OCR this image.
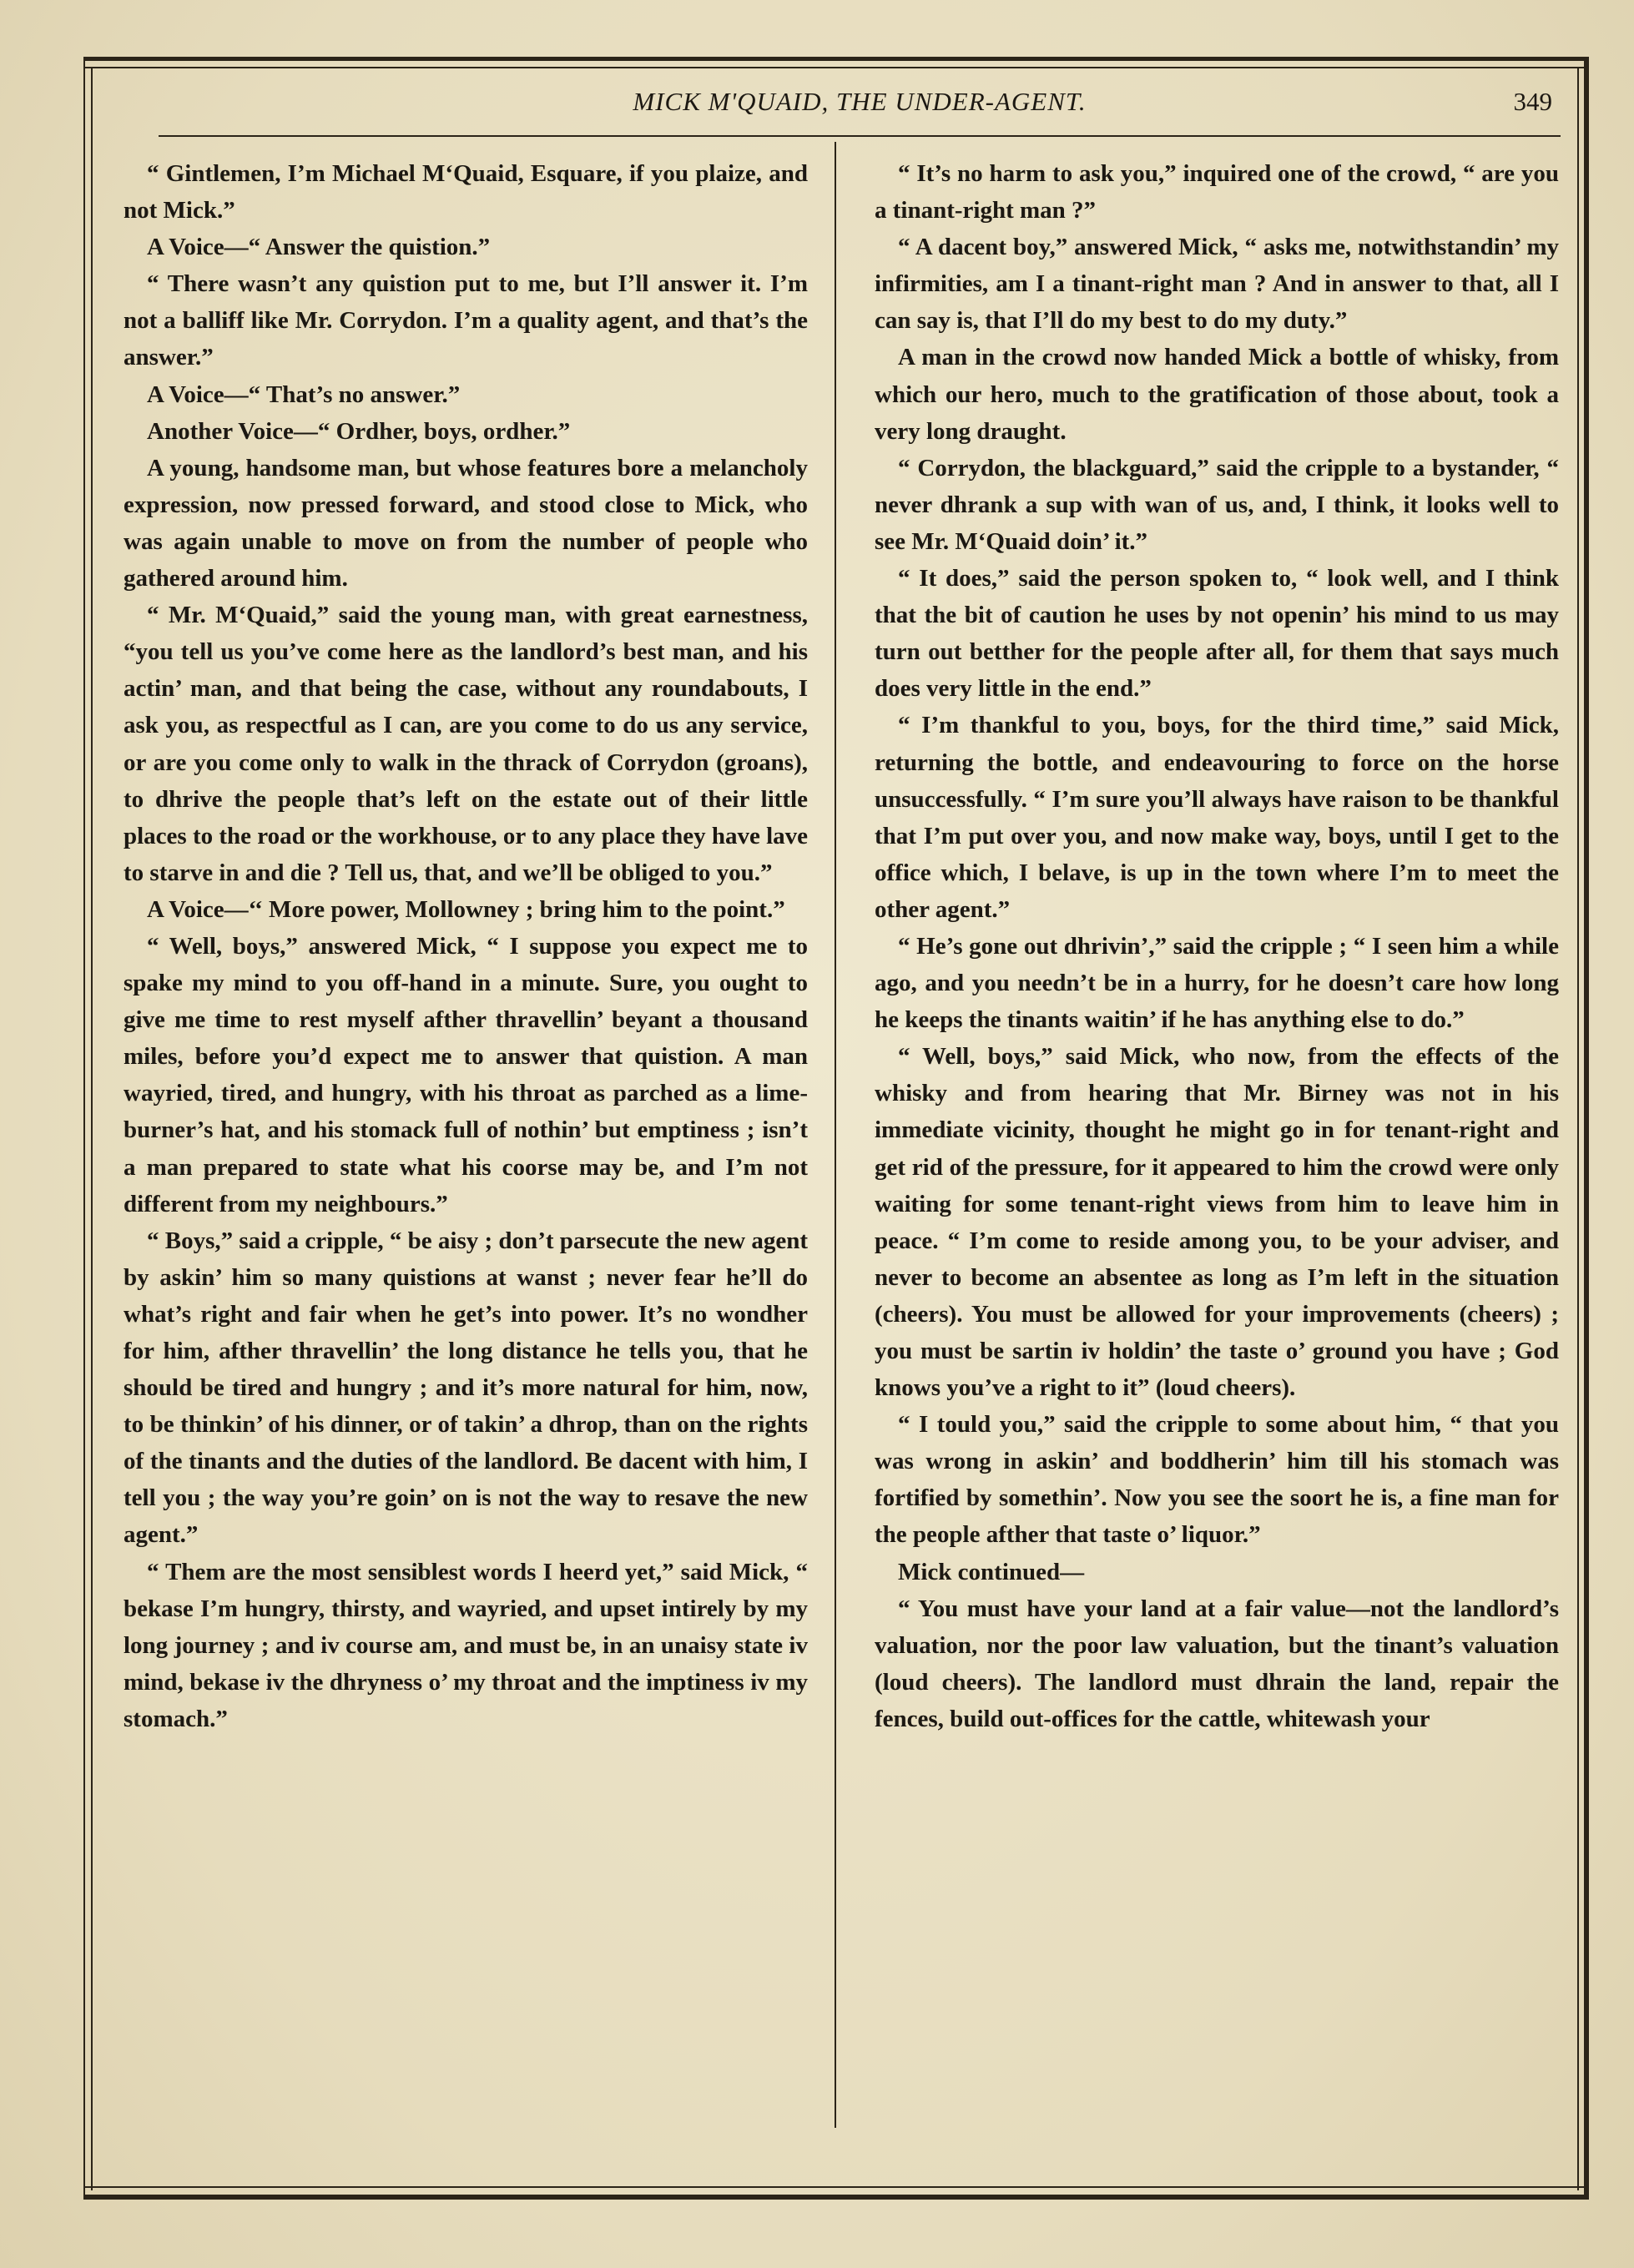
MICK M'QUAID, THE UNDER-AGENT.	349

“ Gintlemen, I’m Michael M‘Quaid, Esquare, if you plaize, and not Mick.”

A Voice—“ Answer the quistion.”

“ There wasn’t any quistion put to me, but I’ll answer it. I’m not a balliff like Mr. Corrydon. I’m a quality agent, and that’s the answer.”

A Voice—“ That’s no answer.”

Another Voice—“ Ordher, boys, ordher.”

A young, handsome man, but whose features bore a melancholy expression, now pressed forward, and stood close to Mick, who was again unable to move on from the number of people who gathered around him.

“ Mr. M‘Quaid,” said the young man, with great earnestness, “you tell us you’ve come here as the landlord’s best man, and his actin’ man, and that being the case, without any roundabouts, I ask you, as respectful as I can, are you come to do us any service, or are you come only to walk in the thrack of Corrydon (groans), to dhrive the people that’s left on the estate out of their little places to the road or the workhouse, or to any place they have lave to starve in and die ? Tell us, that, and we’ll be obliged to you.”

A Voice—‘‘ More power, Mollowney ; bring him to the point.”

“ Well, boys,” answered Mick, “ I suppose you expect me to spake my mind to you off-hand in a minute. Sure, you ought to give me time to rest myself afther thravellin’ beyant a thousand miles, before you’d expect me to answer that quistion. A man wayried, tired, and hungry, with his throat as parched as a lime-burner’s hat, and his stomack full of nothin’ but emptiness ; isn’t a man prepared to state what his coorse may be, and I’m not different from my neighbours.”

“ Boys,” said a cripple, “ be aisy ; don’t parsecute the new agent by askin’ him so many quistions at wanst ; never fear he’ll do what’s right and fair when he get’s into power. It’s no wondher for him, afther thravellin’ the long distance he tells you, that he should be tired and hungry ; and it’s more natural for him, now, to be thinkin’ of his dinner, or of takin’ a dhrop, than on the rights of the tinants and the duties of the landlord. Be dacent with him, I tell you ; the way you’re goin’ on is not the way to resave the new agent.”

“ Them are the most sensiblest words I heerd yet,” said Mick, “ bekase I’m hungry, thirsty, and wayried, and upset intirely by my long journey ; and iv course am, and must be, in an unaisy state iv mind, bekase iv the dhryness o’ my throat and the imptiness iv my stomach.”

“ It’s no harm to ask you,” inquired one of the crowd, “ are you a tinant-right man ?”

“ A dacent boy,” answered Mick, “ asks me, notwithstandin’ my infirmities, am I a tinant-right man ? And in answer to that, all I can say is, that I’ll do my best to do my duty.”

A man in the crowd now handed Mick a bottle of whisky, from which our hero, much to the gratification of those about, took a very long draught.

“ Corrydon, the blackguard,” said the cripple to a bystander, “ never dhrank a sup with wan of us, and, I think, it looks well to see Mr. M‘Quaid doin’ it.”

“ It does,” said the person spoken to, “ look well, and I think that the bit of caution he uses by not openin’ his mind to us may turn out betther for the people after all, for them that says much does very little in the end.”

“ I’m thankful to you, boys, for the third time,” said Mick, returning the bottle, and endeavouring to force on the horse unsuccessfully. “ I’m sure you’ll always have raison to be thankful that I’m put over you, and now make way, boys, until I get to the office which, I belave, is up in the town where I’m to meet the other agent.”

“ He’s gone out dhrivin’,” said the cripple ; “ I seen him a while ago, and you needn’t be in a hurry, for he doesn’t care how long he keeps the tinants waitin’ if he has anything else to do.”

“ Well, boys,” said Mick, who now, from the effects of the whisky and from hearing that Mr. Birney was not in his immediate vicinity, thought he might go in for tenant-right and get rid of the pressure, for it appeared to him the crowd were only waiting for some tenant-right views from him to leave him in peace. “ I’m come to reside among you, to be your adviser, and never to become an absentee as long as I’m left in the situation (cheers). You must be allowed for your improvements (cheers) ; you must be sartin iv holdin’ the taste o’ ground you have ; God knows you’ve a right to it” (loud cheers).

“ I tould you,” said the cripple to some about him, “ that you was wrong in askin’ and boddherin’ him till his stomach was fortified by somethin’. Now you see the soort he is, a fine man for the people afther that taste o’ liquor.”

Mick continued—

“ You must have your land at a fair value—not the landlord’s valuation, nor the poor law valuation, but the tinant’s valuation (loud cheers). The landlord must dhrain the land, repair the fences, build out-offices for the cattle, whitewash your
